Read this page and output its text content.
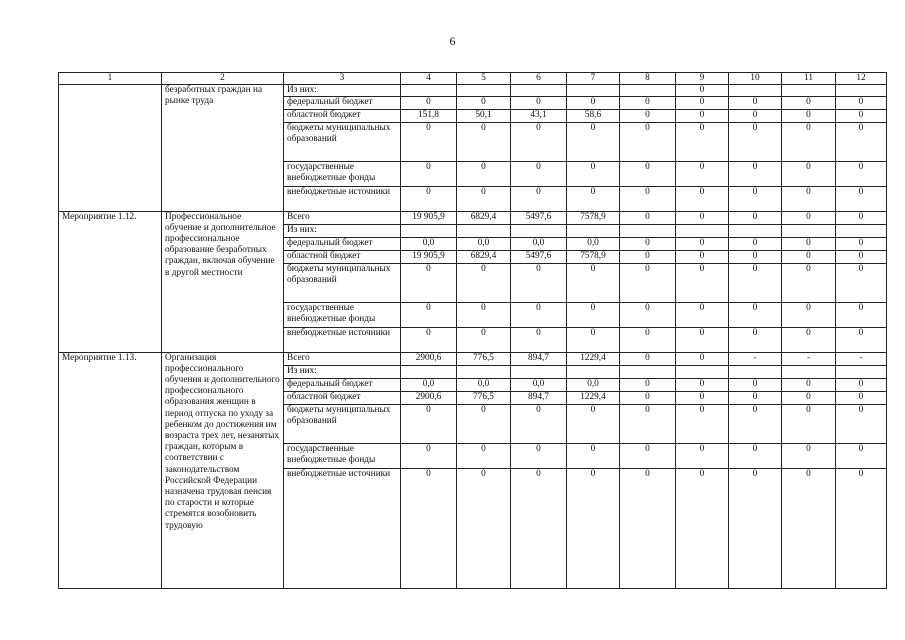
6
1	2	3	4	5	6	7	8	9	10	11	12
	безработных граждан на рынке труда	Из них:						0			
		федеральный бюджет	0	0	0	0	0	0	0	0	0
		областной бюджет	151,8	50,1	43,1	58,6	0	0	0	0	0
		бюджеты муниципальных образований	0	0	0	0	0	0	0	0	0
		государственные внебюджетные фонды	0	0	0	0	0	0	0	0	0
		внебюджетные источники	0	0	0	0	0	0	0	0	0
Мероприятие 1.12.	Профессиональное обучение и дополнительное профессиональное образование безработных граждан, включая обучение в другой местности	Всего	19 905,9	6829,4	5497,6	7578,9	0	0	0	0	0
		Из них:									
		федеральный бюджет	0,0	0,0	0,0	0,0	0	0	0	0	0
		областной бюджет	19 905,9	6829,4	5497,6	7578,9	0	0	0	0	0
		бюджеты муниципальных образований	0	0	0	0	0	0	0	0	0
		государственные внебюджетные фонды	0	0	0	0	0	0	0	0	0
		внебюджетные источники	0	0	0	0	0	0	0	0	0
Мероприятие 1.13.	Организация профессионального обучения и дополнительного профессионального образования женщин в период отпуска по уходу за ребенком до достижения им возраста трех лет, незанятых граждан, которым в соответствии с законодательством Российской Федерации назначена трудовая пенсия по старости и которые стремятся возобновить трудовую	Всего	2900,6	776,5	894,7	1229,4	0	0	-	-	-
		Из них:									
		федеральный бюджет	0,0	0,0	0,0	0,0	0	0	0	0	0
		областной бюджет	2900,6	776,5	894,7	1229,4	0	0	0	0	0
		бюджеты муниципальных образований	0	0	0	0	0	0	0	0	0
		государственные внебюджетные фонды	0	0	0	0	0	0	0	0	0
		внебюджетные источники	0	0	0	0	0	0	0	0	0
